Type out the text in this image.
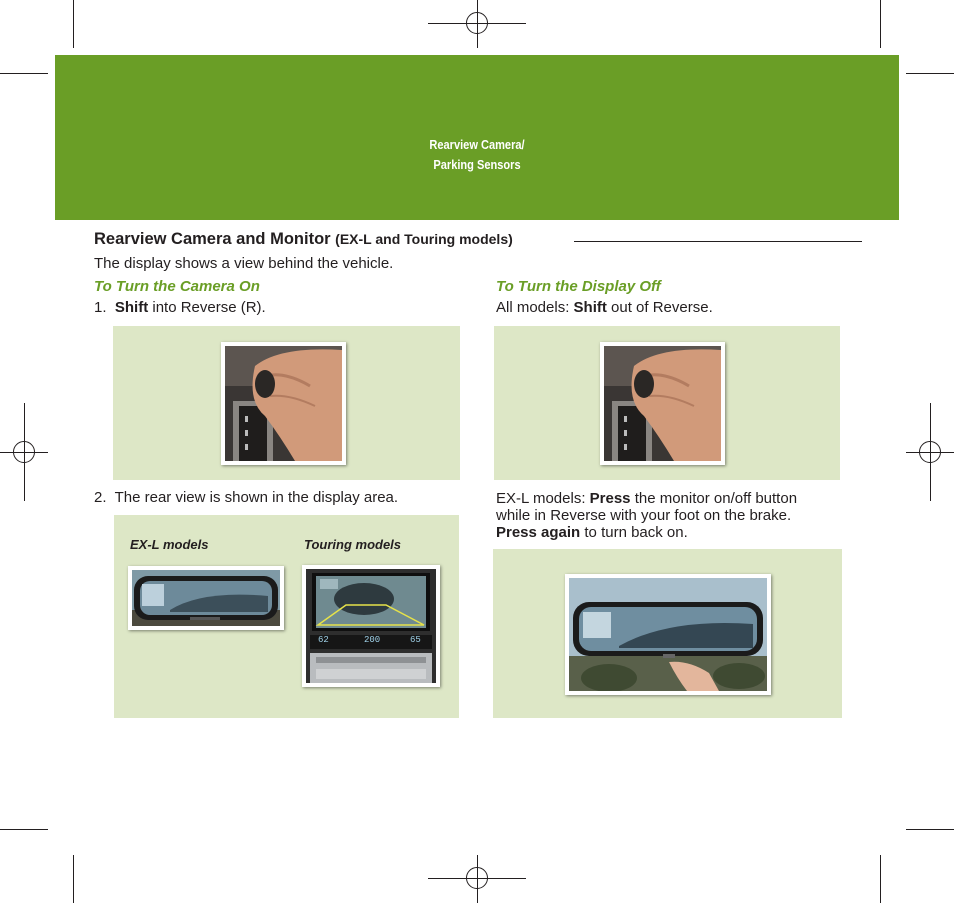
Rearview Camera/
Parking Sensors
Rearview Camera and Monitor (EX-L and Touring models)
The display shows a view behind the vehicle.
To Turn the Camera On
1. Shift into Reverse (R).
2. The rear view is shown in the display area.
EX-L models	Touring models
62	200	65
To Turn the Display Off
All models: Shift out of Reverse.
EX-L models: Press the monitor on/off button
while in Reverse with your foot on the brake.
Press again to turn back on.
